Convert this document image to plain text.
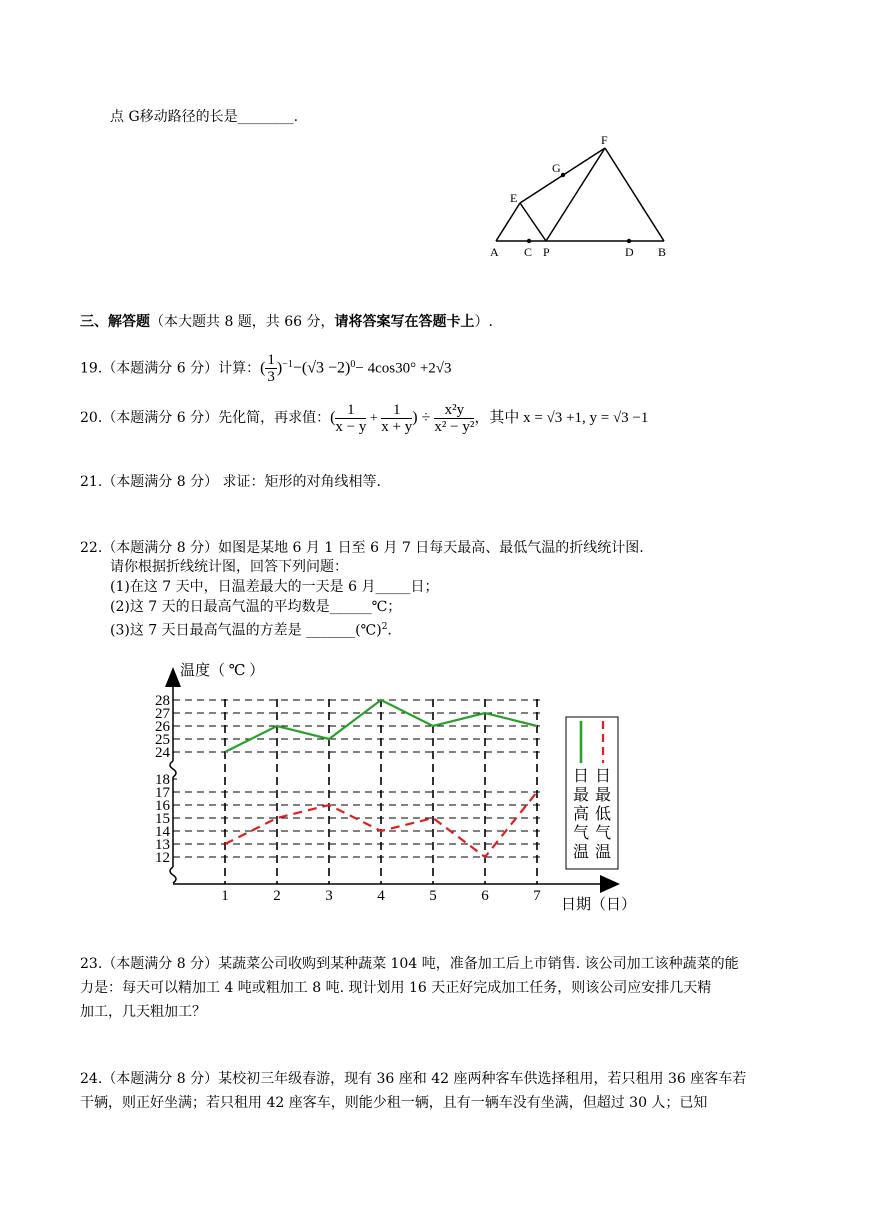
点 G移动路径的长是________.
A C P	D B
E
G
F
三、解答题（本大题共 8 题，共 66 分，请将答案写在答题卡上）.
19.（本题满分 6 分）计算：( $\frac{1}{3} )^{-1}-(√3 -2)^0- 4\cos 30^\circ +2√3$
20.（本题满分 6 分）先化简，再求值：( $\frac{1}{x - y} + \frac{1}{x + y}$ ) ÷ $\frac{\text{x²y}}{\text{x² − y²}}$ ，其中 x = √3 +1, y = √3 −1
21.（本题满分 8 分） 求证：矩形的对角线相等.
22.（本题满分 8 分）如图是某地 6 月 1 日至 6 月 7 日每天最高、最低气温的折线统计图.
请你根据折线统计图，回答下列问题：
(1)在这 7 天中，日温差最大的一天是 6 月_____日；
(2)这 7 天的日最高气温的平均数是______℃；
(3)这 7 天日最高气温的方差是 _______(℃)$^2$.
24
25
26
27
28
12
13
14
15
16
17
18
1	2	3	4	5	6	7
温度（ ℃ ）
日期（日）
日
最
高
气
温
日
最
低
气
温
23.（本题满分 8 分）某蔬菜公司收购到某种蔬菜 104 吨，准备加工后上市销售. 该公司加工该种蔬菜的能
力是：每天可以精加工 4 吨或粗加工 8 吨. 现计划用 16 天正好完成加工任务，则该公司应安排几天精
加工，几天粗加工？
24.（本题满分 8 分）某校初三年级春游，现有 36 座和 42 座两种客车供选择租用，若只租用 36 座客车若
干辆，则正好坐满；若只租用 42 座客车，则能少租一辆，且有一辆车没有坐满，但超过 30 人；已知
